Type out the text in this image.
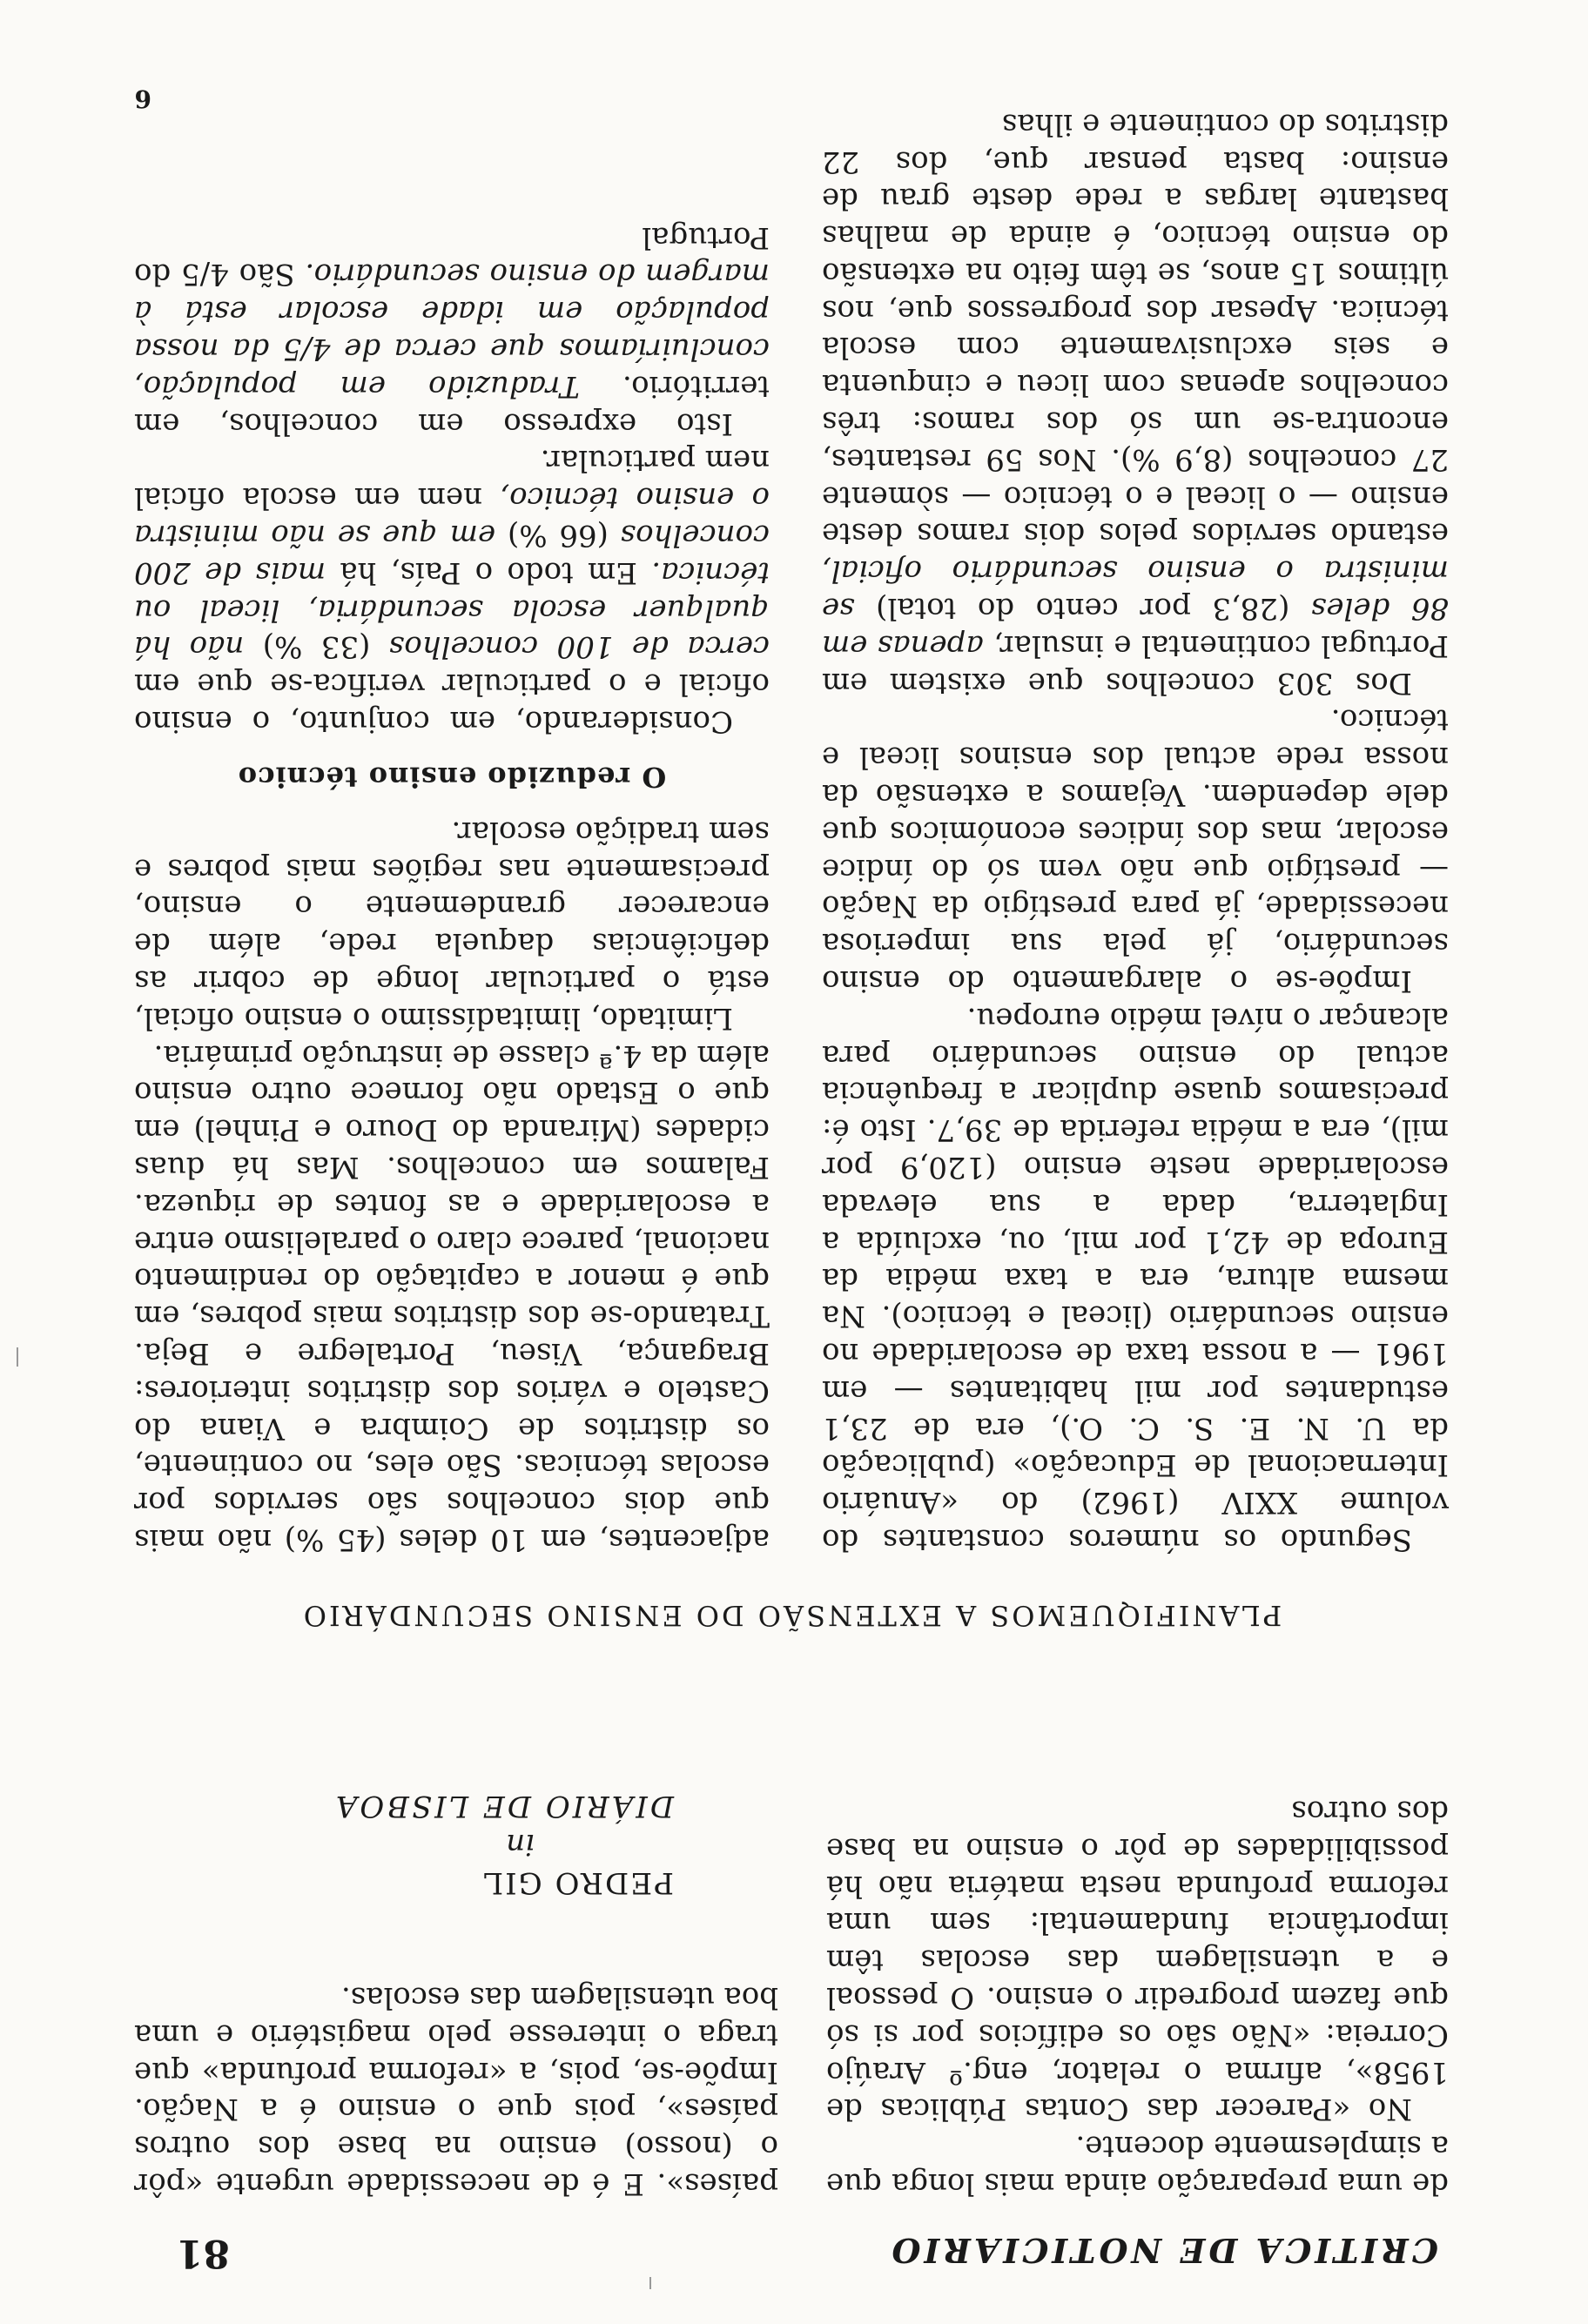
CRITICA DE NOTICIARIO
81

de uma preparação ainda mais longa que a simplesmente docente.

No «Parecer das Contas Públicas de 1958», afirma o relator, eng.º Araújo Correia: «Não são os edifícios por si só que fazem progredir o ensino. O pessoal e a utensilagem das escolas têm importância fundamental: sem uma reforma profunda nesta matéria não há possibilidades de pôr o ensino na base dos outros

países». E é de necessidade urgente «pôr o (nosso) ensino na base dos outros países», pois que o ensino é a Nação. Impõe-se, pois, a «reforma profunda» que traga o interesse pelo magistério e uma boa utensilagem das escolas.

PEDRO GIL
in
DIÁRIO DE LISBOA
PLANIFIQUEMOS A EXTENSÃO DO ENSINO SECUNDÁRIO

Segundo os números constantes do volume XXIV (1962) do «Anuário Internacional de Educação» (publicação da U. N. E. S. C. O.), era de 23,1 estudantes por mil habitantes — em 1961 — a nossa taxa de escolaridade no ensino secundário (liceal e técnico). Na mesma altura, era a taxa média da Europa de 42,1 por mil, ou, excluída a Inglaterra, dada a sua elevada escolaridade neste ensino (120,9 por mil), era a média referida de 39,7. Isto é: precisamos quase duplicar a frequência actual do ensino secundário para alcançar o nível médio europeu.

Impõe-se o alargamento do ensino secundário, já pela sua imperiosa necessidade, já para prestígio da Nação — prestígio que não vem só do índice escolar, mas dos índices económicos que dele dependem. Vejamos a extensão da nossa rede actual dos ensinos liceal e técnico.

Dos 303 concelhos que existem em Portugal continental e insular, apenas em 86 deles (28,3 por cento do total) se ministra o ensino secundário oficial, estando servidos pelos dois ramos deste ensino — o liceal e o técnico — sòmente 27 concelhos (8,9 %). Nos 59 restantes, encontra-se um só dos ramos: três concelhos apenas com liceu e cinquenta e seis exclusivamente com escola técnica. Apesar dos progressos que, nos últimos 15 anos, se têm feito na extensão do ensino técnico, é ainda de malhas bastante largas a rede deste grau de ensino: basta pensar que, dos 22 distritos do continente e ilhas

adjacentes, em 10 deles (45 %) não mais que dois concelhos são servidos por escolas técnicas. São eles, no continente, os distritos de Coimbra e Viana do Castelo e vários dos distritos interiores: Bragança, Viseu, Portalegre e Beja. Tratando-se dos distritos mais pobres, em que é menor a capitação do rendimento nacional, parece claro o paralelismo entre a escolaridade e as fontes de riqueza. Falamos em concelhos. Mas há duas cidades (Miranda do Douro e Pinhel) em que o Estado não fornece outro ensino além da 4.ª classe de instrução primária.

Limitado, limitadíssimo o ensino oficial, está o particular longe de cobrir as deficiências daquela rede, além de encarecer grandemente o ensino, precisamente nas regiões mais pobres e sem tradição escolar.

O reduzido ensino técnico

Considerando, em conjunto, o ensino oficial e o particular verifica-se que em cerca de 100 concelhos (33 %) não há qualquer escola secundária, liceal ou técnica. Em todo o País, há mais de 200 concelhos (66 %) em que se não ministra o ensino técnico, nem em escola oficial nem particular.

Isto expresso em concelhos, em território. Traduzido em população, concluiríamos que cerca de 4/5 da nossa população em idade escolar está à margem do ensino secundário. São 4/5 do Portugal

6
